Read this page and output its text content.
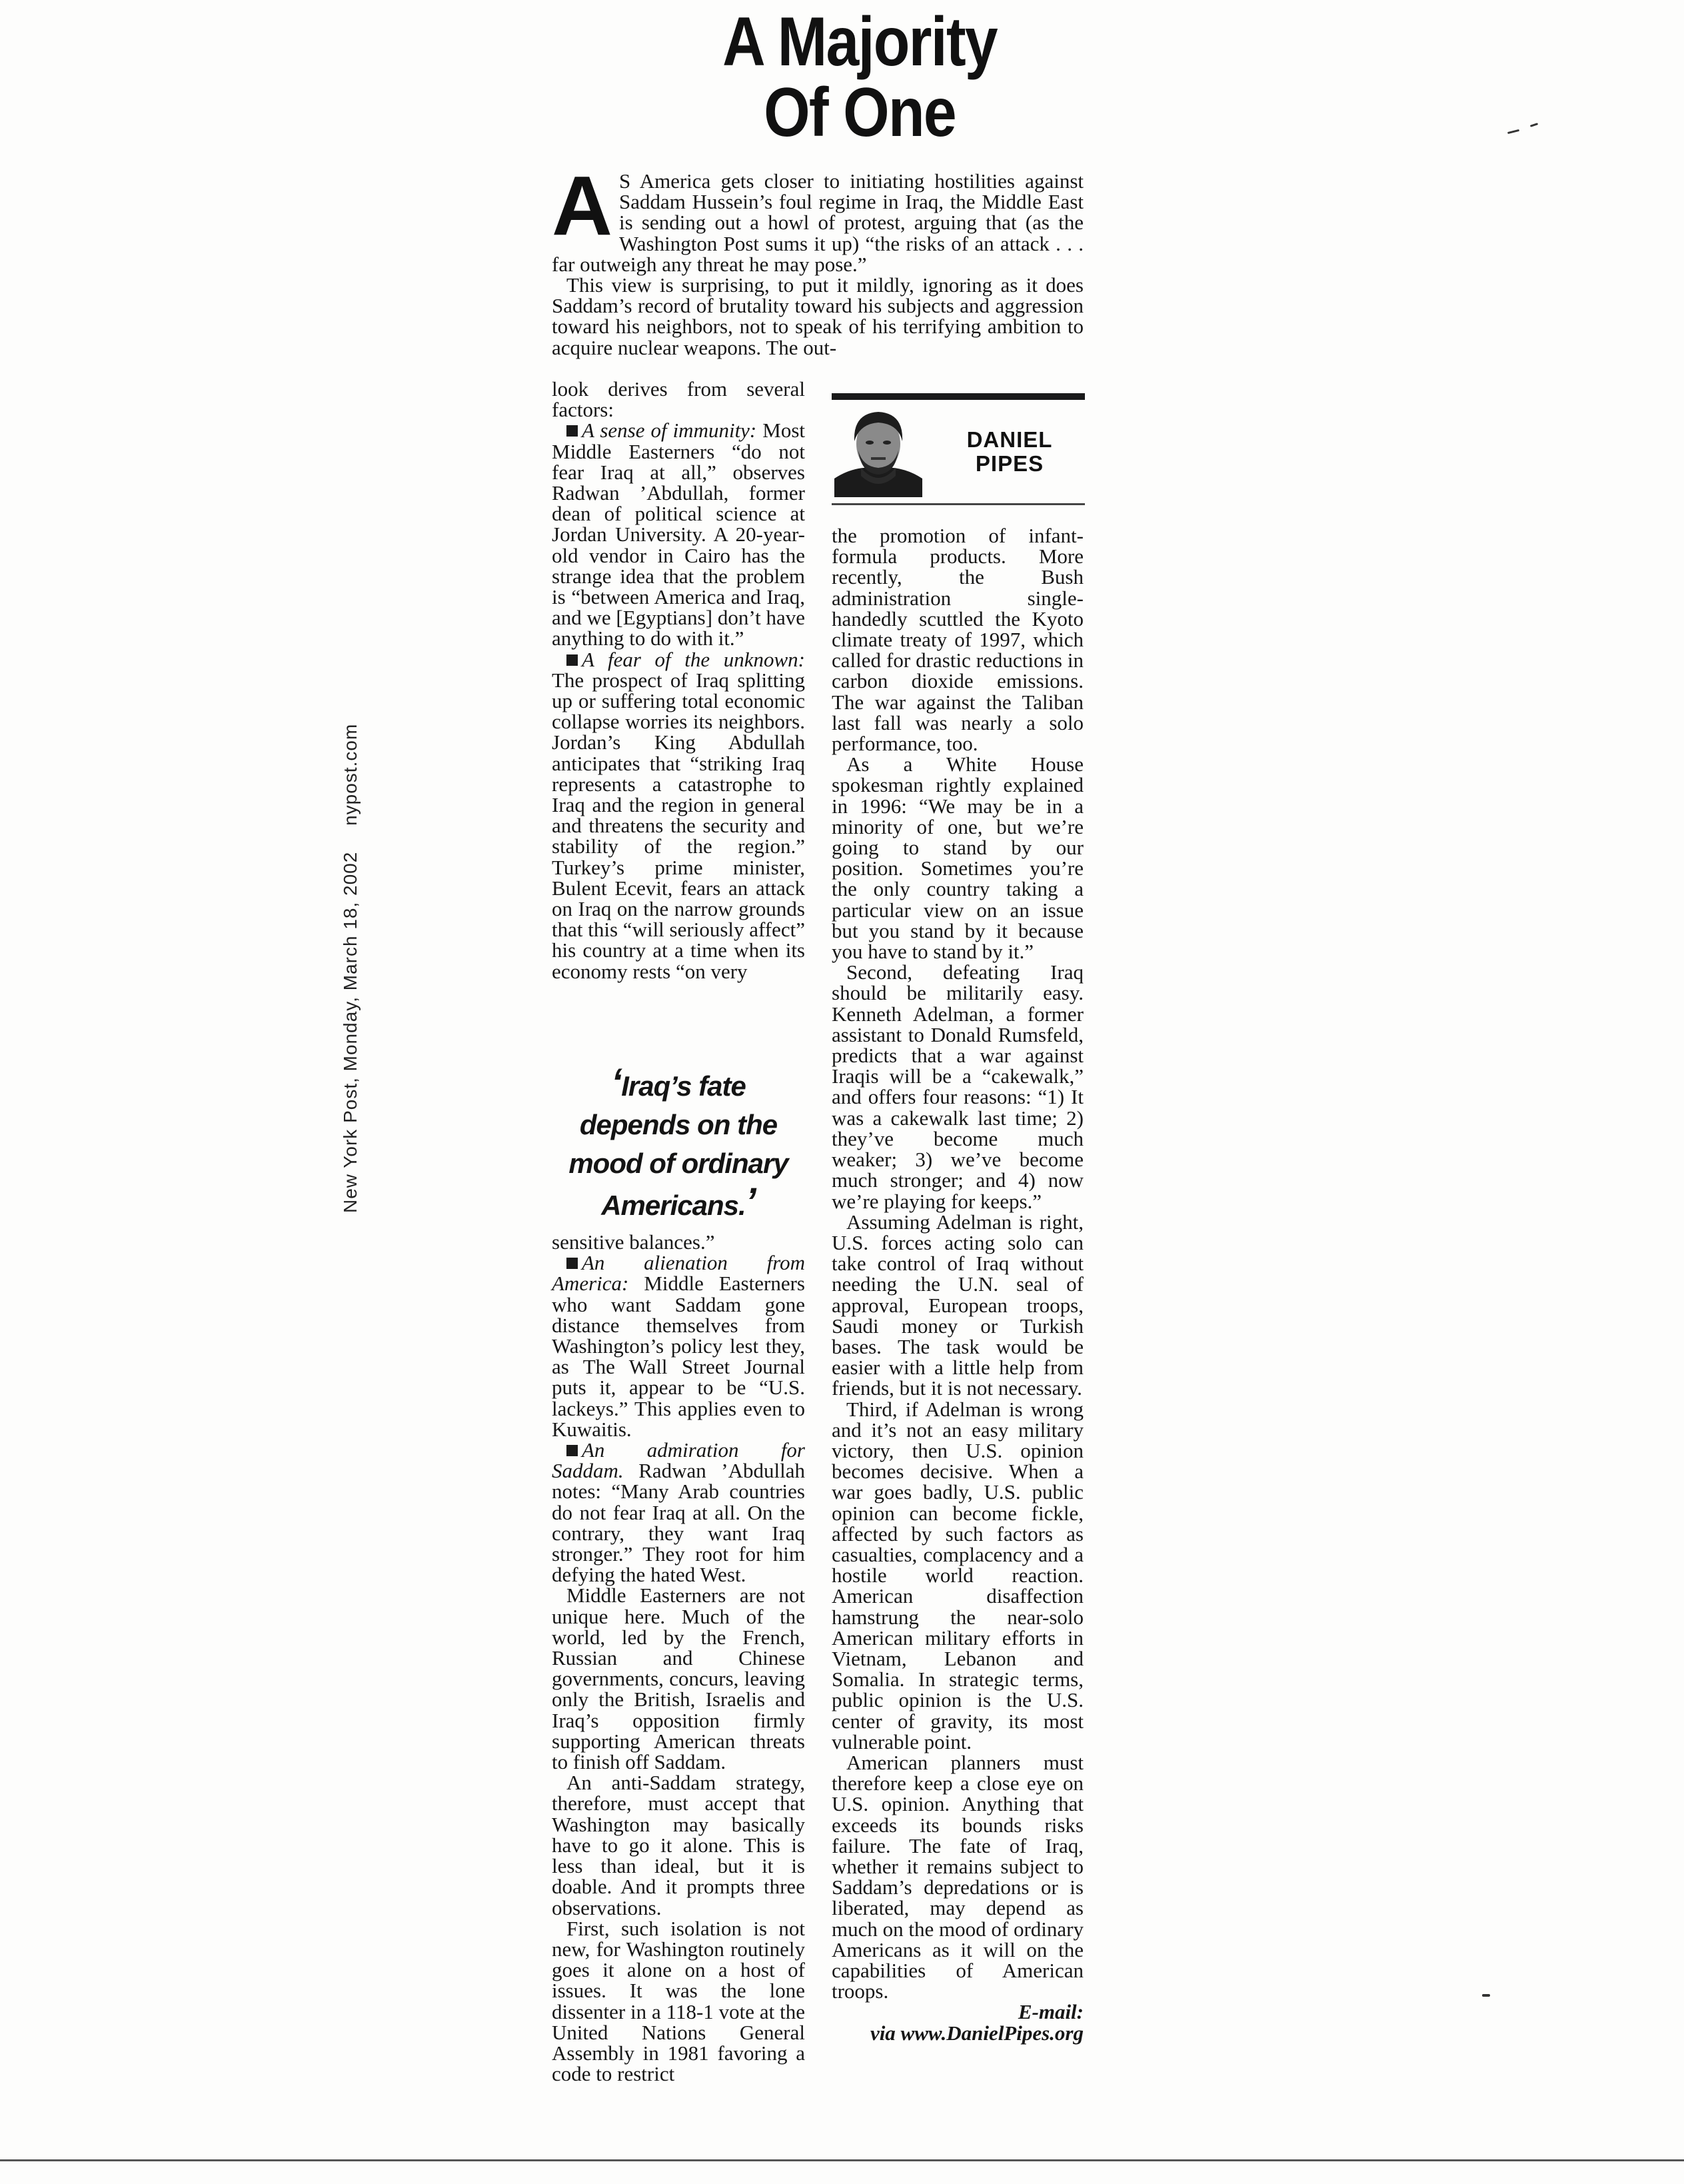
New York Post, Monday, March 18, 2002 nypost.com
A Majority
Of One

AS America gets closer to initiating hostilities against Saddam Hussein’s foul regime in Iraq, the Middle East is sending out a howl of protest, arguing that (as the Washington Post sums it up) “the risks of an attack . . . far outweigh any threat he may pose.”

This view is surprising, to put it mildly, ignoring as it does Saddam’s record of brutality toward his subjects and aggression toward his neighbors, not to speak of his terrifying ambition to acquire nuclear weapons. The out-

DANIEL
PIPES

look derives from several factors:

A sense of immunity: Most Middle Easterners “do not fear Iraq at all,” observes Radwan ’Abdullah, former dean of political science at Jordan University. A 20-year-old vendor in Cairo has the strange idea that the problem is “between America and Iraq, and we [Egyptians] don’t have anything to do with it.”

A fear of the unknown: The prospect of Iraq splitting up or suffering total economic collapse worries its neighbors. Jordan’s King Abdullah anticipates that “striking Iraq represents a catastrophe to Iraq and the region in general and threatens the security and stability of the region.” Turkey’s prime minister, Bulent Ecevit, fears an attack on Iraq on the narrow grounds that this “will seriously affect” his country at a time when its economy rests “on very

‘Iraq’s fate
depends on the
mood of ordinary
Americans.’

sensitive balances.”

An alienation from America: Middle Easterners who want Saddam gone distance themselves from Washington’s policy lest they, as The Wall Street Journal puts it, appear to be “U.S. lackeys.” This applies even to Kuwaitis.

An admiration for Saddam. Radwan ’Abdullah notes: “Many Arab countries do not fear Iraq at all. On the contrary, they want Iraq stronger.” They root for him defying the hated West.

Middle Easterners are not unique here. Much of the world, led by the French, Russian and Chinese governments, concurs, leaving only the British, Israelis and Iraq’s opposition firmly supporting American threats to finish off Saddam.

An anti-Saddam strategy, therefore, must accept that Washington may basically have to go it alone. This is less than ideal, but it is doable. And it prompts three observations.

First, such isolation is not new, for Washington routinely goes it alone on a host of issues. It was the lone dissenter in a 118-1 vote at the United Nations General Assembly in 1981 favoring a code to restrict

the promotion of infant-formula products. More recently, the Bush administration single-handedly scuttled the Kyoto climate treaty of 1997, which called for drastic reductions in carbon dioxide emissions. The war against the Taliban last fall was nearly a solo performance, too.

As a White House spokesman rightly explained in 1996: “We may be in a minority of one, but we’re going to stand by our position. Sometimes you’re the only country taking a particular view on an issue but you stand by it because you have to stand by it.”

Second, defeating Iraq should be militarily easy. Kenneth Adelman, a former assistant to Donald Rumsfeld, predicts that a war against Iraqis will be a “cakewalk,” and offers four reasons: “1) It was a cakewalk last time; 2) they’ve become much weaker; 3) we’ve become much stronger; and 4) now we’re playing for keeps.”

Assuming Adelman is right, U.S. forces acting solo can take control of Iraq without needing the U.N. seal of approval, European troops, Saudi money or Turkish bases. The task would be easier with a little help from friends, but it is not necessary.

Third, if Adelman is wrong and it’s not an easy military victory, then U.S. opinion becomes decisive. When a war goes badly, U.S. public opinion can become fickle, affected by such factors as casualties, complacency and a hostile world reaction. American disaffection hamstrung the near-solo American military efforts in Vietnam, Lebanon and Somalia. In strategic terms, public opinion is the U.S. center of gravity, its most vulnerable point.

American planners must therefore keep a close eye on U.S. opinion. Anything that exceeds its bounds risks failure. The fate of Iraq, whether it remains subject to Saddam’s depredations or is liberated, may depend as much on the mood of ordinary Americans as it will on the capabilities of American troops.

E-mail:

via www.DanielPipes.org
